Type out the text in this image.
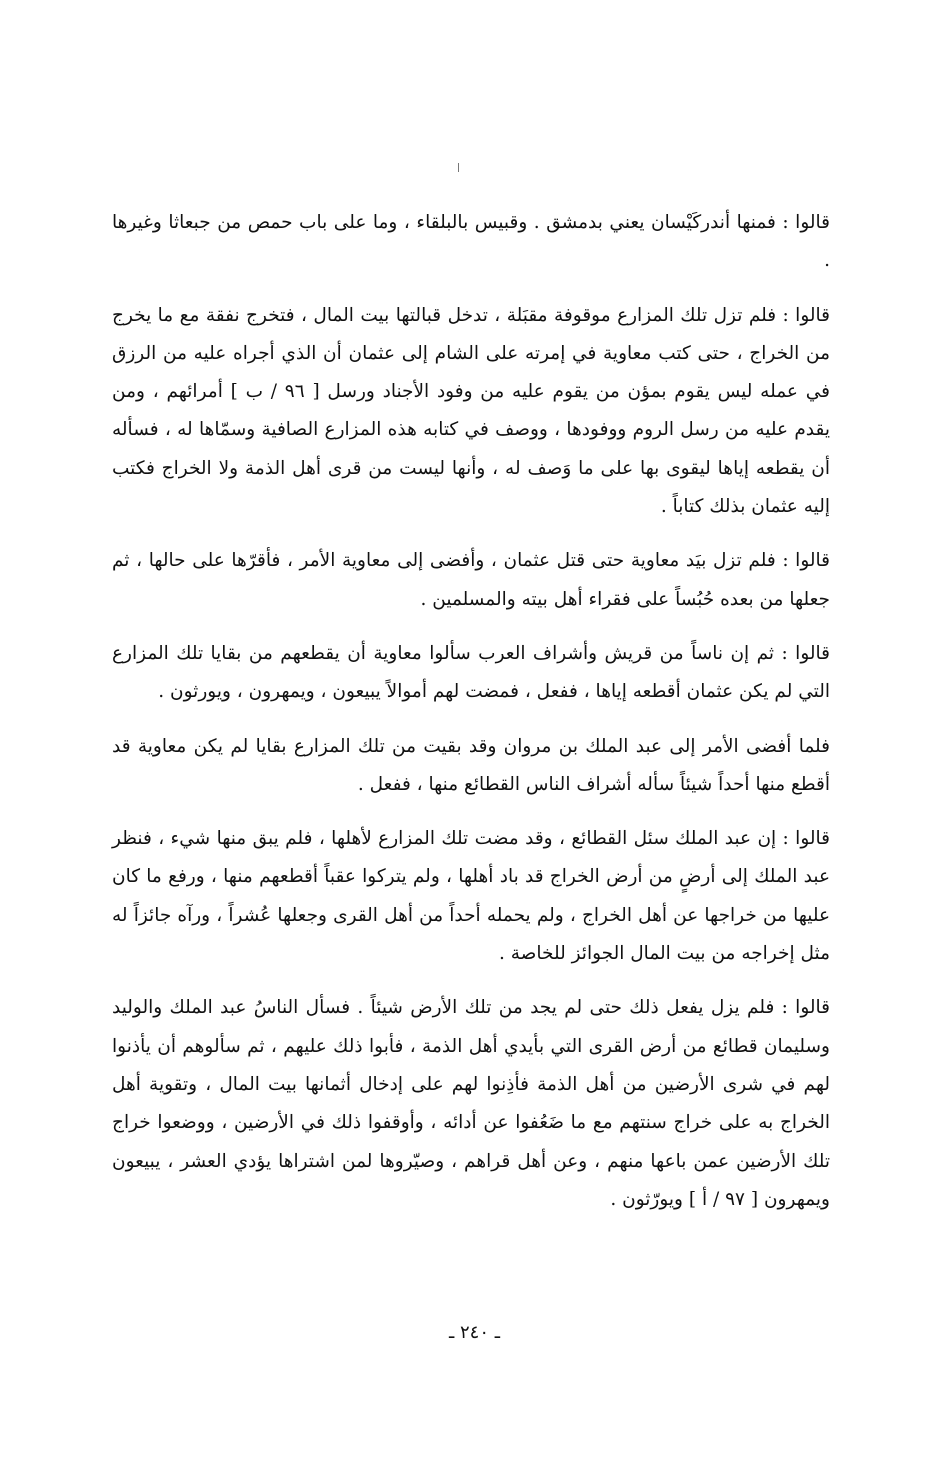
قالوا : فمنها أندركَيْسان يعني بدمشق . وقبيس بالبلقاء ، وما على باب حمص من جبعاثا وغيرها .

قالوا : فلم تزل تلك المزارع موقوفة مقبَلة ، تدخل قبالتها بيت المال ، فتخرج نفقة مع ما يخرج من الخراج ، حتى كتب معاوية في إمرته على الشام إلى عثمان أن الذي أجراه عليه من الرزق في عمله ليس يقوم بمؤن من يقوم عليه من وفود الأجناد ورسل [ ٩٦ / ب ] أمرائهم ، ومن يقدم عليه من رسل الروم ووفودها ، ووصف في كتابه هذه المزارع الصافية وسمّاها له ، فسأله أن يقطعه إياها ليقوى بها على ما وَصف له ، وأنها ليست من قرى أهل الذمة ولا الخراج فكتب إليه عثمان بذلك كتاباً .

قالوا : فلم تزل بيَد معاوية حتى قتل عثمان ، وأفضى إلى معاوية الأمر ، فأقرّها على حالها ، ثم جعلها من بعده حُبُساً على فقراء أهل بيته والمسلمين .

قالوا : ثم إن ناساً من قريش وأشراف العرب سألوا معاوية أن يقطعهم من بقايا تلك المزارع التي لم يكن عثمان أقطعه إياها ، ففعل ، فمضت لهم أموالاً يبيعون ، ويمهرون ، ويورثون .

فلما أفضى الأمر إلى عبد الملك بن مروان وقد بقيت من تلك المزارع بقايا لم يكن معاوية قد أقطع منها أحداً شيئاً سأله أشراف الناس القطائع منها ، ففعل .

قالوا : إن عبد الملك سئل القطائع ، وقد مضت تلك المزارع لأهلها ، فلم يبق منها شيء ، فنظر عبد الملك إلى أرضٍ من أرض الخراج قد باد أهلها ، ولم يتركوا عقباً أقطعهم منها ، ورفع ما كان عليها من خراجها عن أهل الخراج ، ولم يحمله أحداً من أهل القرى وجعلها عُشراً ، ورآه جائزاً له مثل إخراجه من بيت المال الجوائز للخاصة .

قالوا : فلم يزل يفعل ذلك حتى لم يجد من تلك الأرض شيئاً . فسأل الناسُ عبد الملك والوليد وسليمان قطائع من أرض القرى التي بأيدي أهل الذمة ، فأبوا ذلك عليهم ، ثم سألوهم أن يأذنوا لهم في شرى الأرضين من أهل الذمة فأذِنوا لهم على إدخال أثمانها بيت المال ، وتقوية أهل الخراج به على خراج سنتهم مع ما ضَعُفوا عن أدائه ، وأوقفوا ذلك في الأرضين ، ووضعوا خراج تلك الأرضين عمن باعها منهم ، وعن أهل قراهم ، وصيّروها لمن اشتراها يؤدي العشر ، يبيعون ويمهرون [ ٩٧ / أ ] ويورّثون .

ـ ٢٤٠ ـ
